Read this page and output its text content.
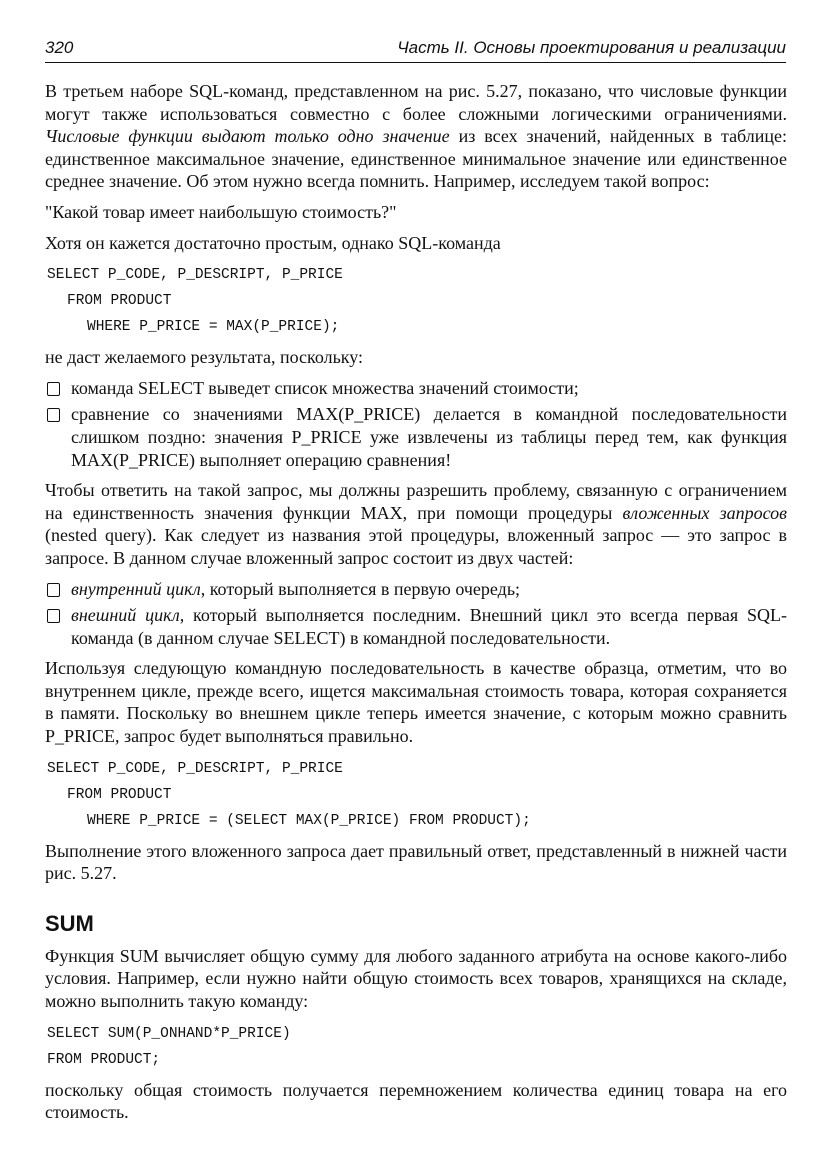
320	Часть II. Основы проектирования и реализации

В третьем наборе SQL-команд, представленном на рис. 5.27, показано, что числовые функции могут также использоваться совместно с более сложными логическими ограничениями. Числовые функции выдают только одно значение из всех значений, найденных в таблице: единственное максимальное значение, единственное минимальное значение или единственное среднее значение. Об этом нужно всегда помнить. Например, исследуем такой вопрос:

"Какой товар имеет наибольшую стоимость?"

Хотя он кажется достаточно простым, однако SQL-команда

SELECT P_CODE, P_DESCRIPT, P_PRICE
FROM PRODUCT
WHERE P_PRICE = MAX(P_PRICE);

не даст желаемого результата, поскольку:

команда SELECT выведет список множества значений стоимости;
сравнение со значениями MAX(P_PRICE) делается в командной последовательности слишком поздно: значения P_PRICE уже извлечены из таблицы перед тем, как функция MAX(P_PRICE) выполняет операцию сравнения!

Чтобы ответить на такой запрос, мы должны разрешить проблему, связанную с ограничением на единственность значения функции MAX, при помощи процедуры вложенных запросов (nested query). Как следует из названия этой процедуры, вложенный запрос — это запрос в запросе. В данном случае вложенный запрос состоит из двух частей:

внутренний цикл, который выполняется в первую очередь;
внешний цикл, который выполняется последним. Внешний цикл это всегда первая SQL-команда (в данном случае SELECT) в командной последовательности.

Используя следующую командную последовательность в качестве образца, отметим, что во внутреннем цикле, прежде всего, ищется максимальная стоимость товара, которая сохраняется в памяти. Поскольку во внешнем цикле теперь имеется значение, с которым можно сравнить P_PRICE, запрос будет выполняться правильно.

SELECT P_CODE, P_DESCRIPT, P_PRICE
FROM PRODUCT
WHERE P_PRICE = (SELECT MAX(P_PRICE) FROM PRODUCT);

Выполнение этого вложенного запроса дает правильный ответ, представленный в нижней части рис. 5.27.

SUM

Функция SUM вычисляет общую сумму для любого заданного атрибута на основе какого-либо условия. Например, если нужно найти общую стоимость всех товаров, хранящихся на складе, можно выполнить такую команду:

SELECT SUM(P_ONHAND*P_PRICE)
FROM PRODUCT;

поскольку общая стоимость получается перемножением количества единиц товара на его стоимость.
